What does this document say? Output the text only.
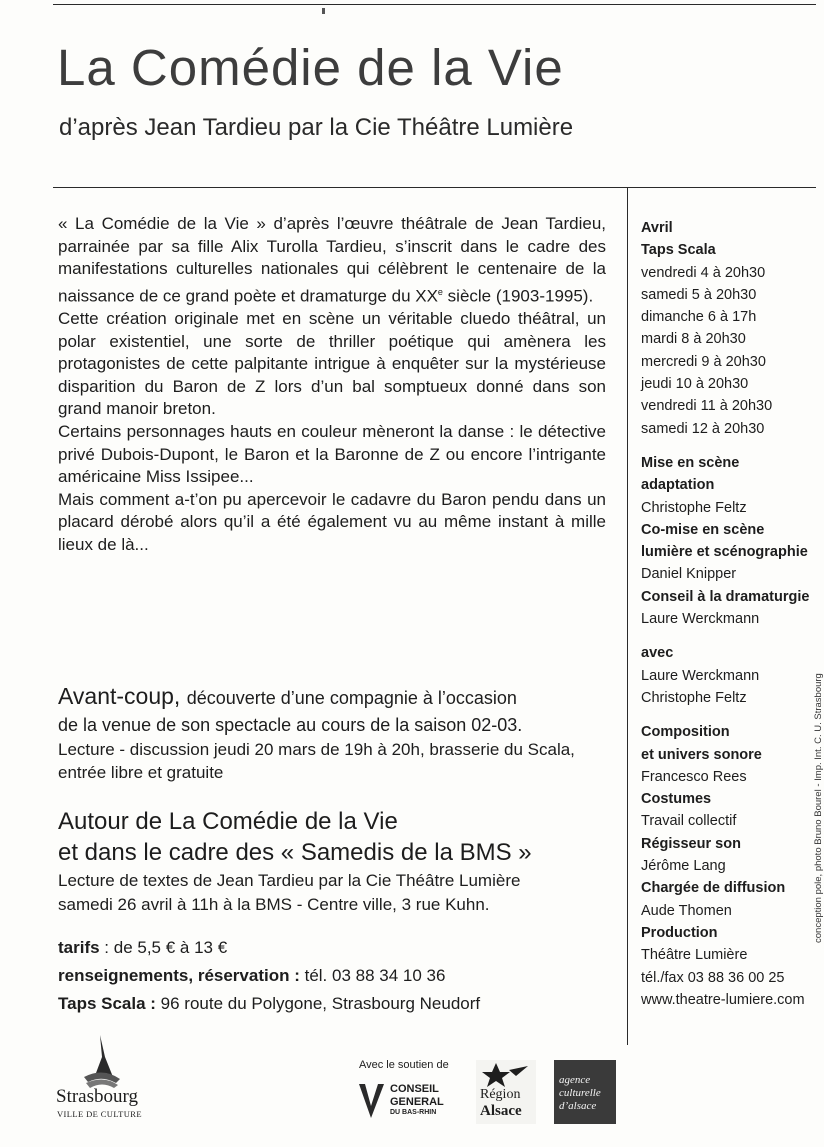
La Comédie de la Vie
d’après Jean Tardieu par la Cie Théâtre Lumière

« La Comédie de la Vie » d’après l’œuvre théâtrale de Jean Tardieu, parrainée par sa fille Alix Turolla Tardieu, s’inscrit dans le cadre des manifestations culturelles nationales qui célèbrent le centenaire de la naissance de ce grand poète et dramaturge du XXe siècle (1903-1995).

Cette création originale met en scène un véritable cluedo théâtral, un polar existentiel, une sorte de thriller poétique qui amènera les protagonistes de cette palpitante intrigue à enquêter sur la mystérieuse disparition du Baron de Z lors d’un bal somptueux donné dans son grand manoir breton.

Certains personnages hauts en couleur mèneront la danse : le détective privé Dubois-Dupont, le Baron et la Baronne de Z ou encore l’intrigante américaine Miss Issipee...

Mais comment a-t’on pu apercevoir le cadavre du Baron pendu dans un placard dérobé alors qu’il a été également vu au même instant à mille lieux de là...

Avant-coup, découverte d’une compagnie à l’occasion
de la venue de son spectacle au cours de la saison 02-03.
Lecture - discussion jeudi 20 mars de 19h à 20h, brasserie du Scala, entrée libre et gratuite
Autour de La Comédie de la Vie
et dans le cadre des « Samedis de la BMS »
Lecture de textes de Jean Tardieu par la Cie Théâtre Lumière
samedi 26 avril à 11h à la BMS - Centre ville, 3 rue Kuhn.
tarifs : de 5,5 € à 13 €
renseignements, réservation : tél. 03 88 34 10 36
Taps Scala : 96 route du Polygone, Strasbourg Neudorf
Avril
Taps Scala
vendredi 4 à 20h30
samedi 5 à 20h30
dimanche 6 à 17h
mardi 8 à 20h30
mercredi 9 à 20h30
jeudi 10 à 20h30
vendredi 11 à 20h30
samedi 12 à 20h30
Mise en scène
adaptation
Christophe Feltz
Co-mise en scène
lumière et scénographie
Daniel Knipper
Conseil à la dramaturgie
Laure Werckmann
avec
Laure Werckmann
Christophe Feltz
Composition
et univers sonore
Francesco Rees
Costumes
Travail collectif
Régisseur son
Jérôme Lang
Chargée de diffusion
Aude Thomen
Production
Théâtre Lumière
tél./fax 03 88 36 00 25
www.theatre-lumiere.com
conception pole, photo Bruno Bourel - Imp. Int. C. U. Strasbourg
Strasbourg
VILLE DE CULTURE
Avec le soutien de
CONSEIL
GENERAL
DU BAS-RHIN
Région
Alsace
agence
culturelle
d’alsace
